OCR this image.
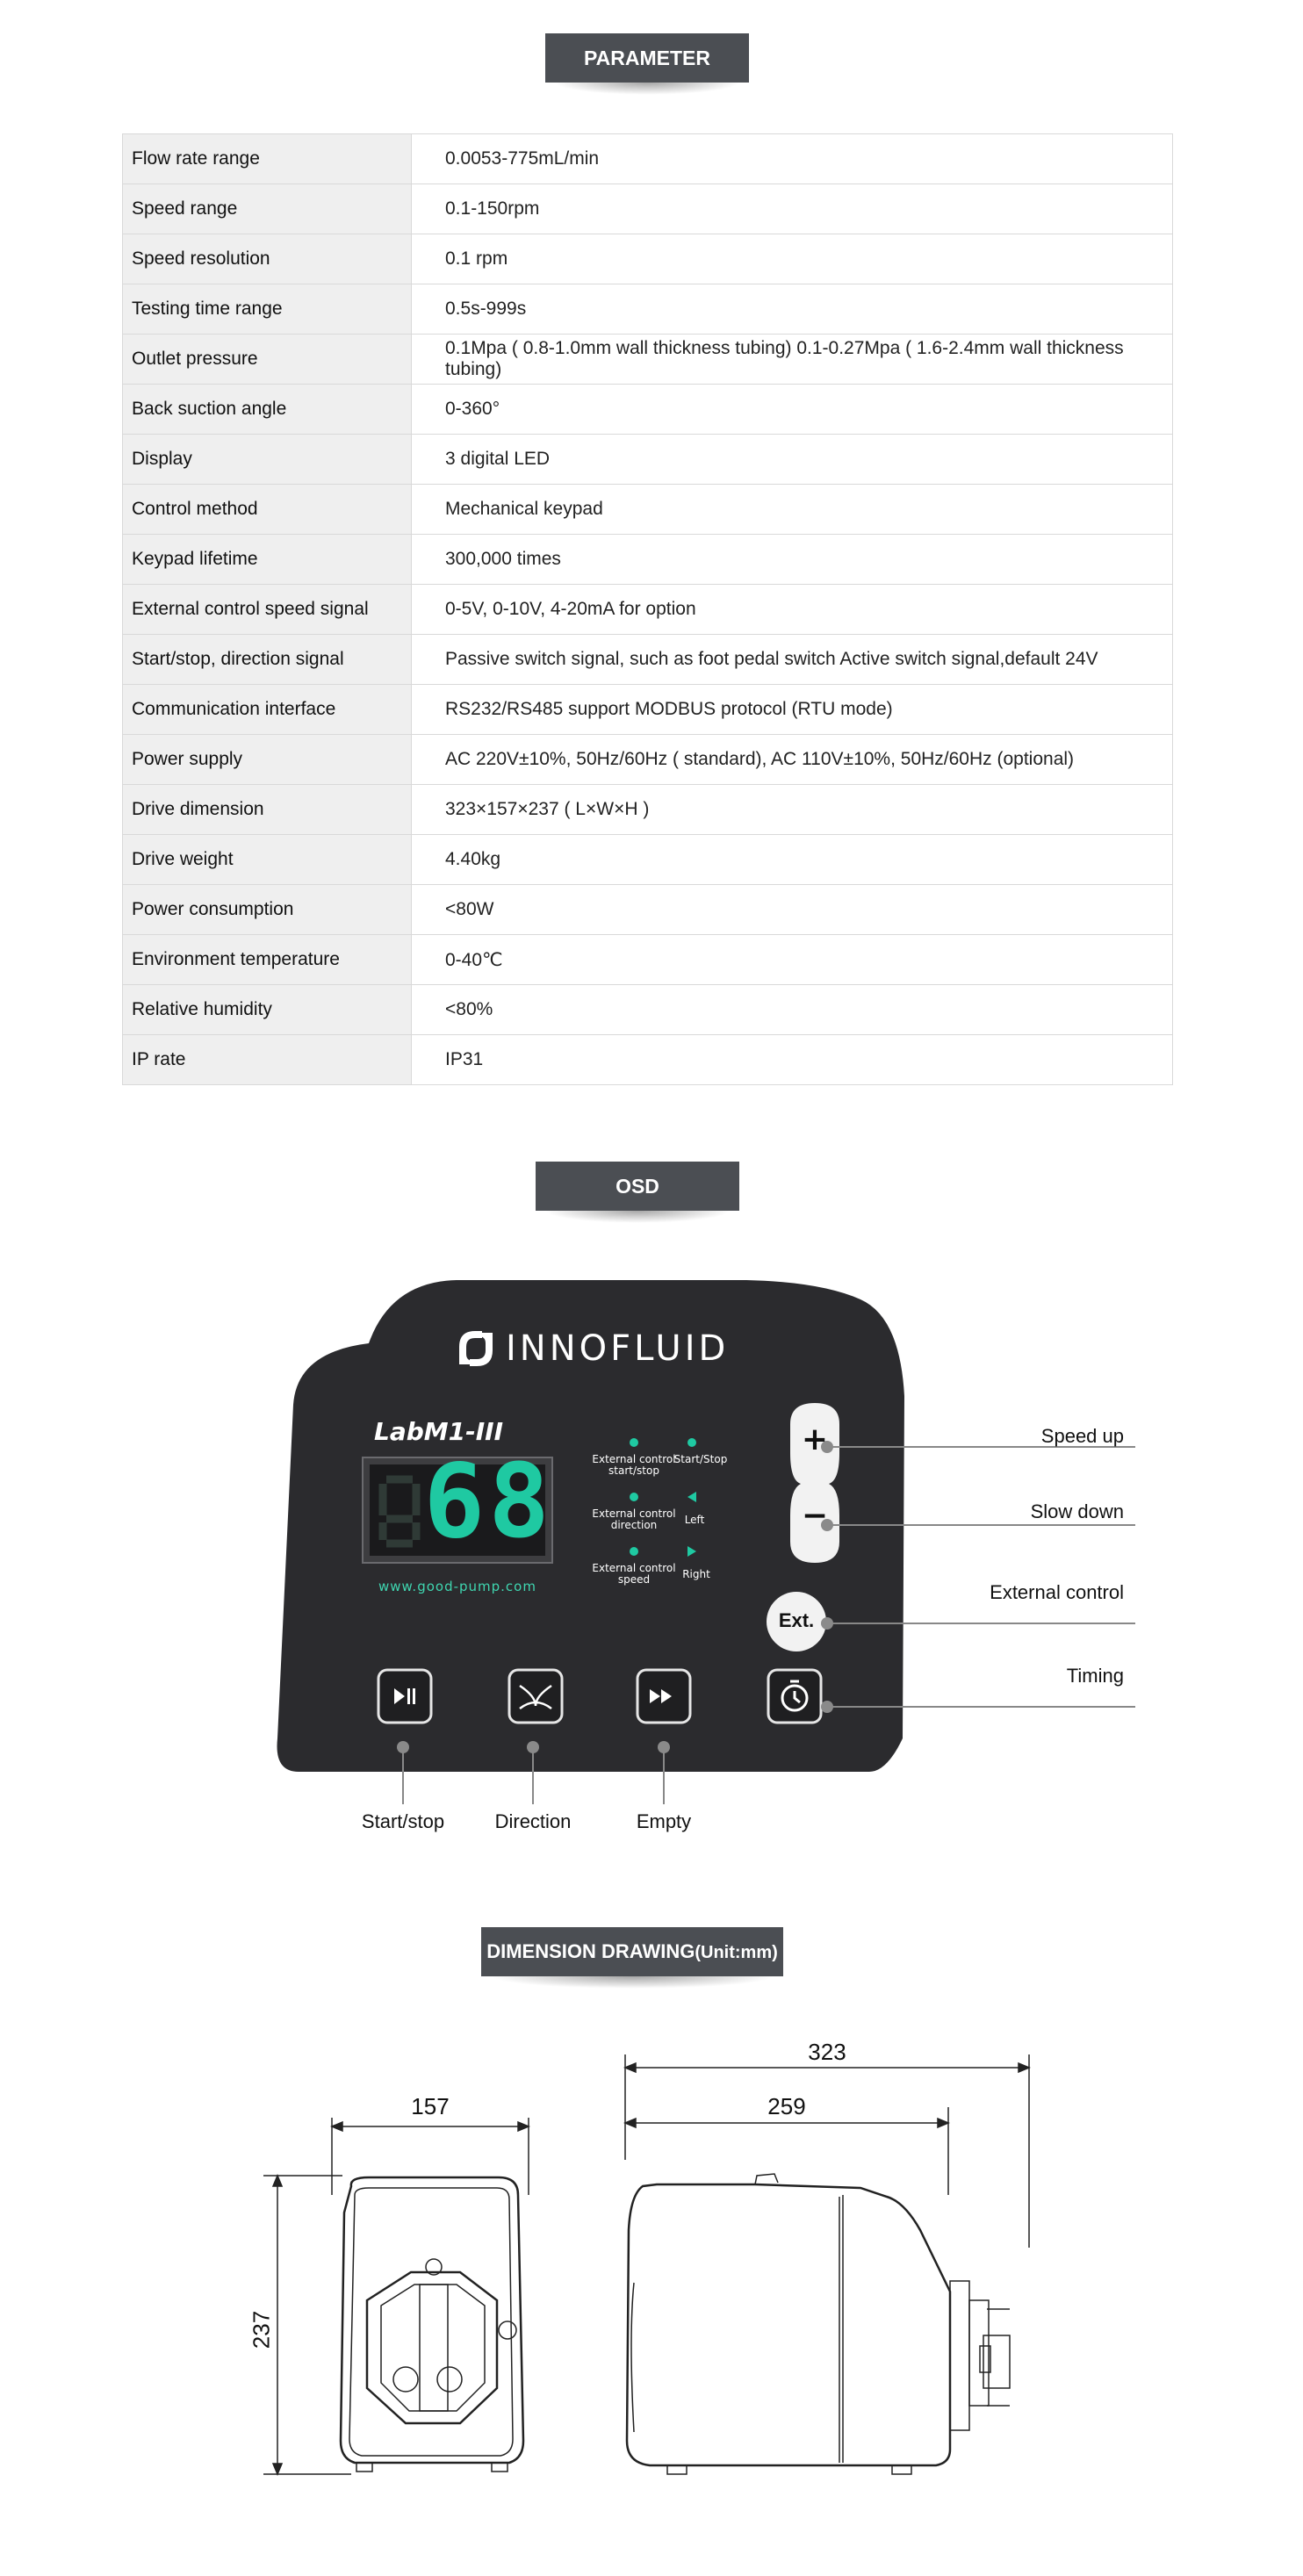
PARAMETER
Flow rate range	0.0053-775mL/min
Speed range	0.1-150rpm
Speed resolution	0.1 rpm
Testing time range	0.5s-999s
Outlet pressure	0.1Mpa ( 0.8-1.0mm wall thickness tubing) 0.1-0.27Mpa ( 1.6-2.4mm wall thickness tubing)
Back suction angle	0-360°
Display	3 digital LED
Control method	Mechanical keypad
Keypad lifetime	300,000 times
External control speed signal	0-5V, 0-10V, 4-20mA for option
Start/stop, direction signal	Passive switch signal, such as foot pedal switch Active switch signal,default 24V
Communication interface	RS232/RS485 support MODBUS protocol (RTU mode)
Power supply	AC 220V±10%, 50Hz/60Hz ( standard), AC 110V±10%, 50Hz/60Hz (optional)
Drive dimension	323×157×237 ( L×W×H )
Drive weight	4.40kg
Power consumption	<80W
Environment temperature	0-40℃
Relative humidity	<80%
IP rate	IP31
OSD
INNOFLUID
LabM1-III
68
www.good-pump.com
External control start/stop
Start/Stop
External control direction	Left
External control speed	Right
+
−
Ext.
Speed up
Slow down
External control
Timing
Start/stop	Direction	Empty
DIMENSION DRAWING(Unit:mm)
157
237
323
259
